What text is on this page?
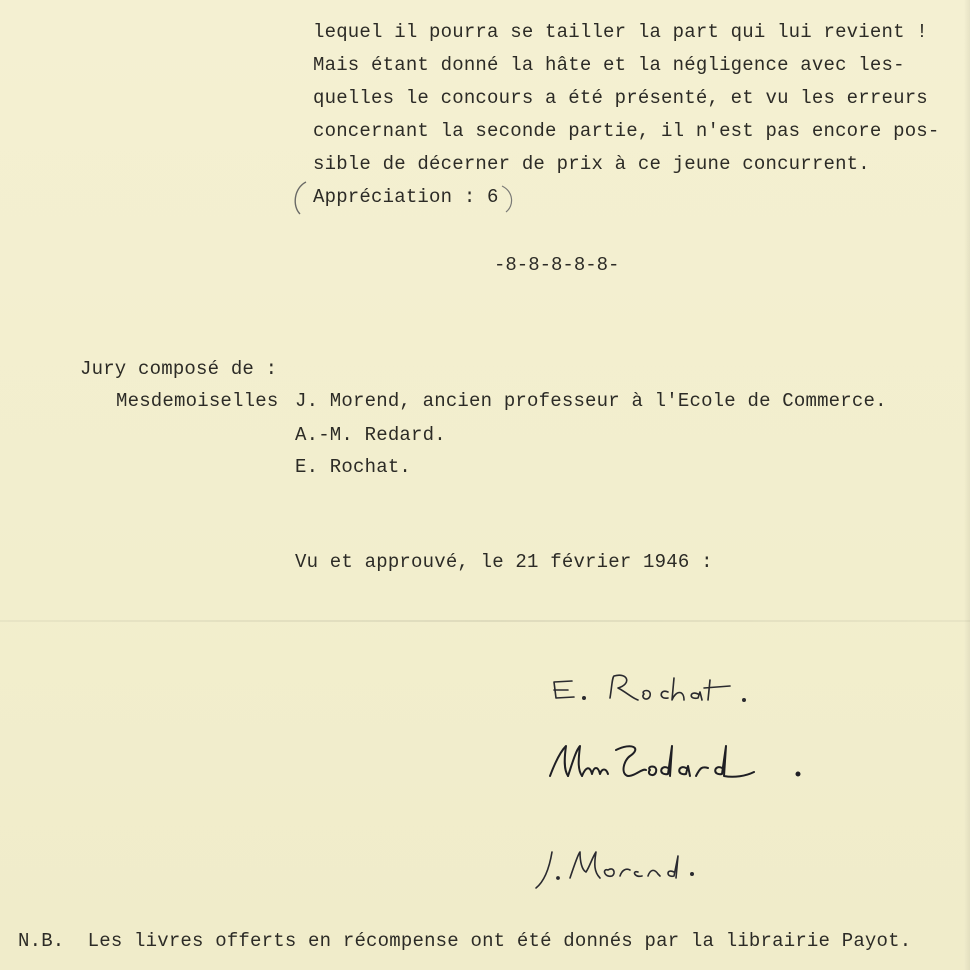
lequel il pourra se tailler la part qui lui revient !
Mais étant donné la hâte et la négligence avec les-
quelles le concours a été présenté, et vu les erreurs
concernant la seconde partie, il n'est pas encore pos-
sible de décerner de prix à ce jeune concurrent.
Appréciation : 6
-8-8-8-8-8-
Jury composé de :
Mesdemoiselles J. Morend, ancien professeur à l'Ecole de Commerce.
A.-M. Redard.
E. Rochat.
Vu et approuvé, le 21 février 1946 :
N.B.  Les livres offerts en récompense ont été donnés par la librairie Payot.
